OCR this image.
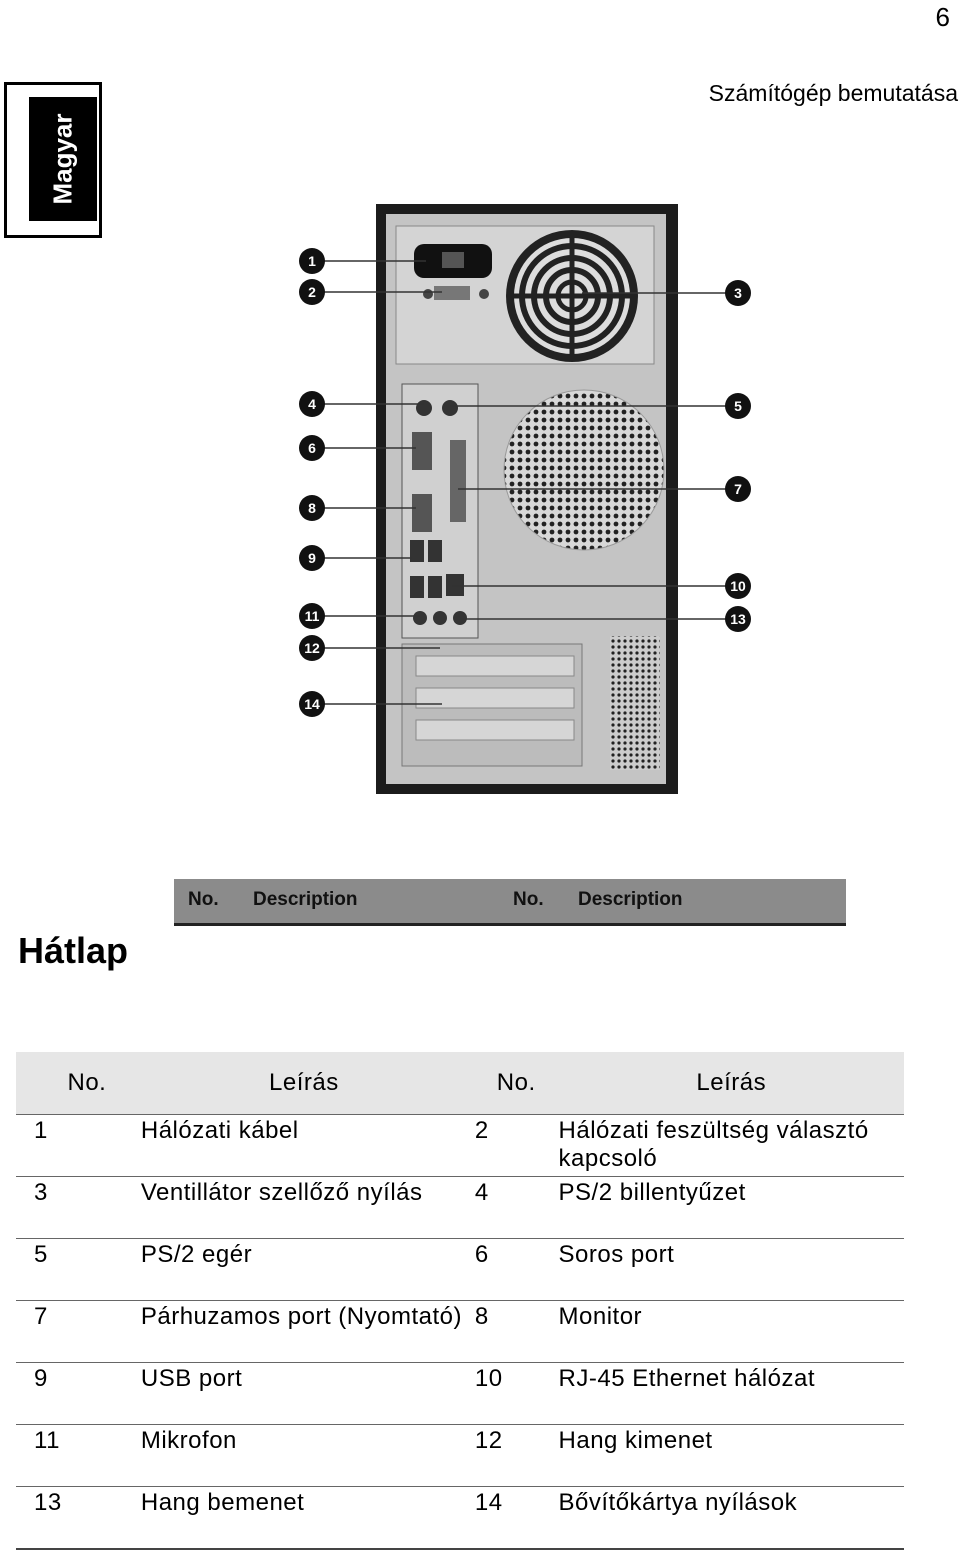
6
Számítógép bemutatása
Magyar
1
2	3
4	5
6
7
8
9
10
11	13
12
14
No. Description	No. Description
Hátlap
No.	Leírás	No.	Leírás
1	Hálózati kábel	2	Hálózati feszültség választó kapcsoló
3	Ventillátor szellőző nyílás	4	PS/2 billentyűzet
5	PS/2 egér	6	Soros port
7	Párhuzamos port (Nyomtató)	8	Monitor
9	USB port	10	RJ-45 Ethernet hálózat
11	Mikrofon	12	Hang kimenet
13	Hang bemenet	14	Bővítőkártya nyílások
